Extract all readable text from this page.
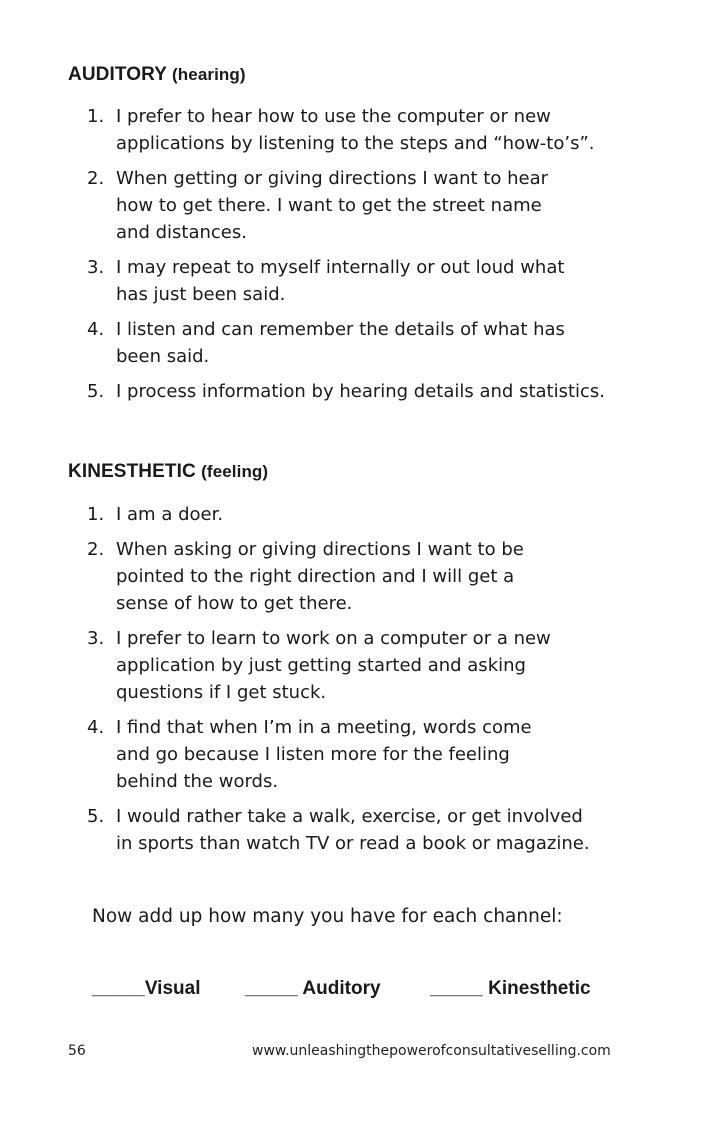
AUDITORY (hearing)
1. I prefer to hear how to use the computer or new
applications by listening to the steps and “how-to’s”.
2. When getting or giving directions I want to hear
how to get there. I want to get the street name
and distances.
3. I may repeat to myself internally or out loud what
has just been said.
4. I listen and can remember the details of what has
been said.
5. I process information by hearing details and statistics.
KINESTHETIC (feeling)
1. I am a doer.
2. When asking or giving directions I want to be
pointed to the right direction and I will get a
sense of how to get there.
3. I prefer to learn to work on a computer or a new
application by just getting started and asking
questions if I get stuck.
4. I find that when I’m in a meeting, words come
and go because I listen more for the feeling
behind the words.
5. I would rather take a walk, exercise, or get involved
in sports than watch TV or read a book or magazine.

Now add up how many you have for each channel:

_____Visual _____ Auditory	_____ Kinesthetic
56	www.unleashingthepowerofconsultativeselling.com
